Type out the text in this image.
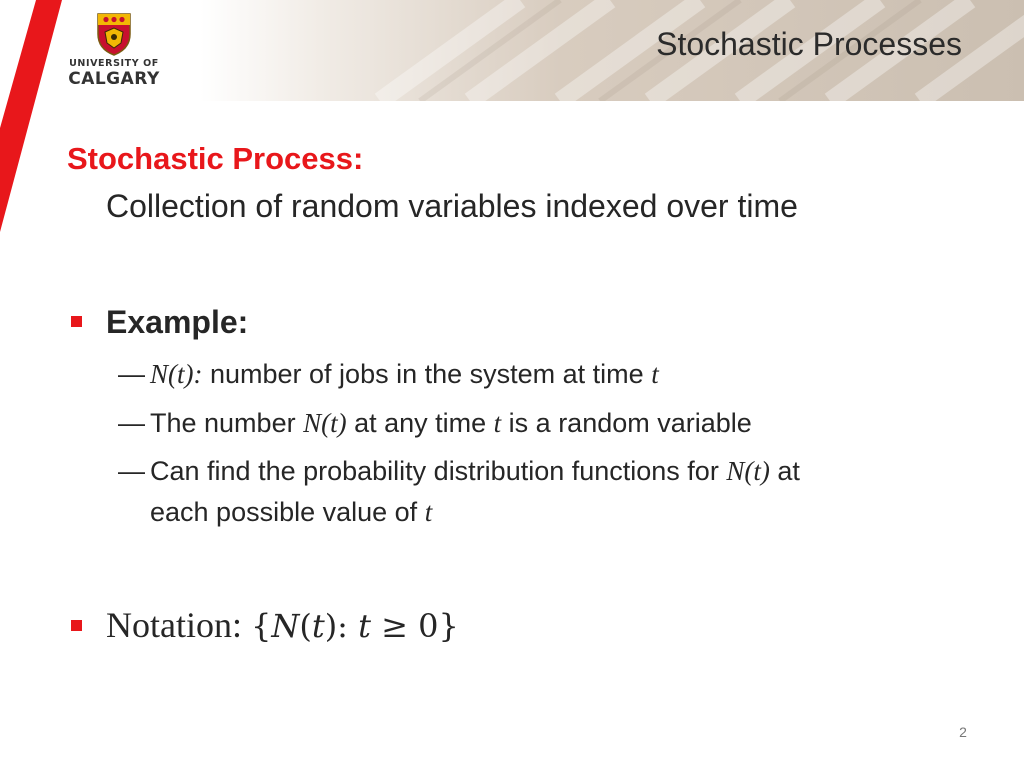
UNIVERSITY OF
CALGARY
Stochastic Processes
Stochastic Process:
Collection of random variables indexed over time
Example:
— N(t): number of jobs in the system at time t
— The number N(t) at any time t is a random variable
— Can find the probability distribution functions for N(t) at
each possible value of t
Notation: {N(t): t ≥ 0}
2
